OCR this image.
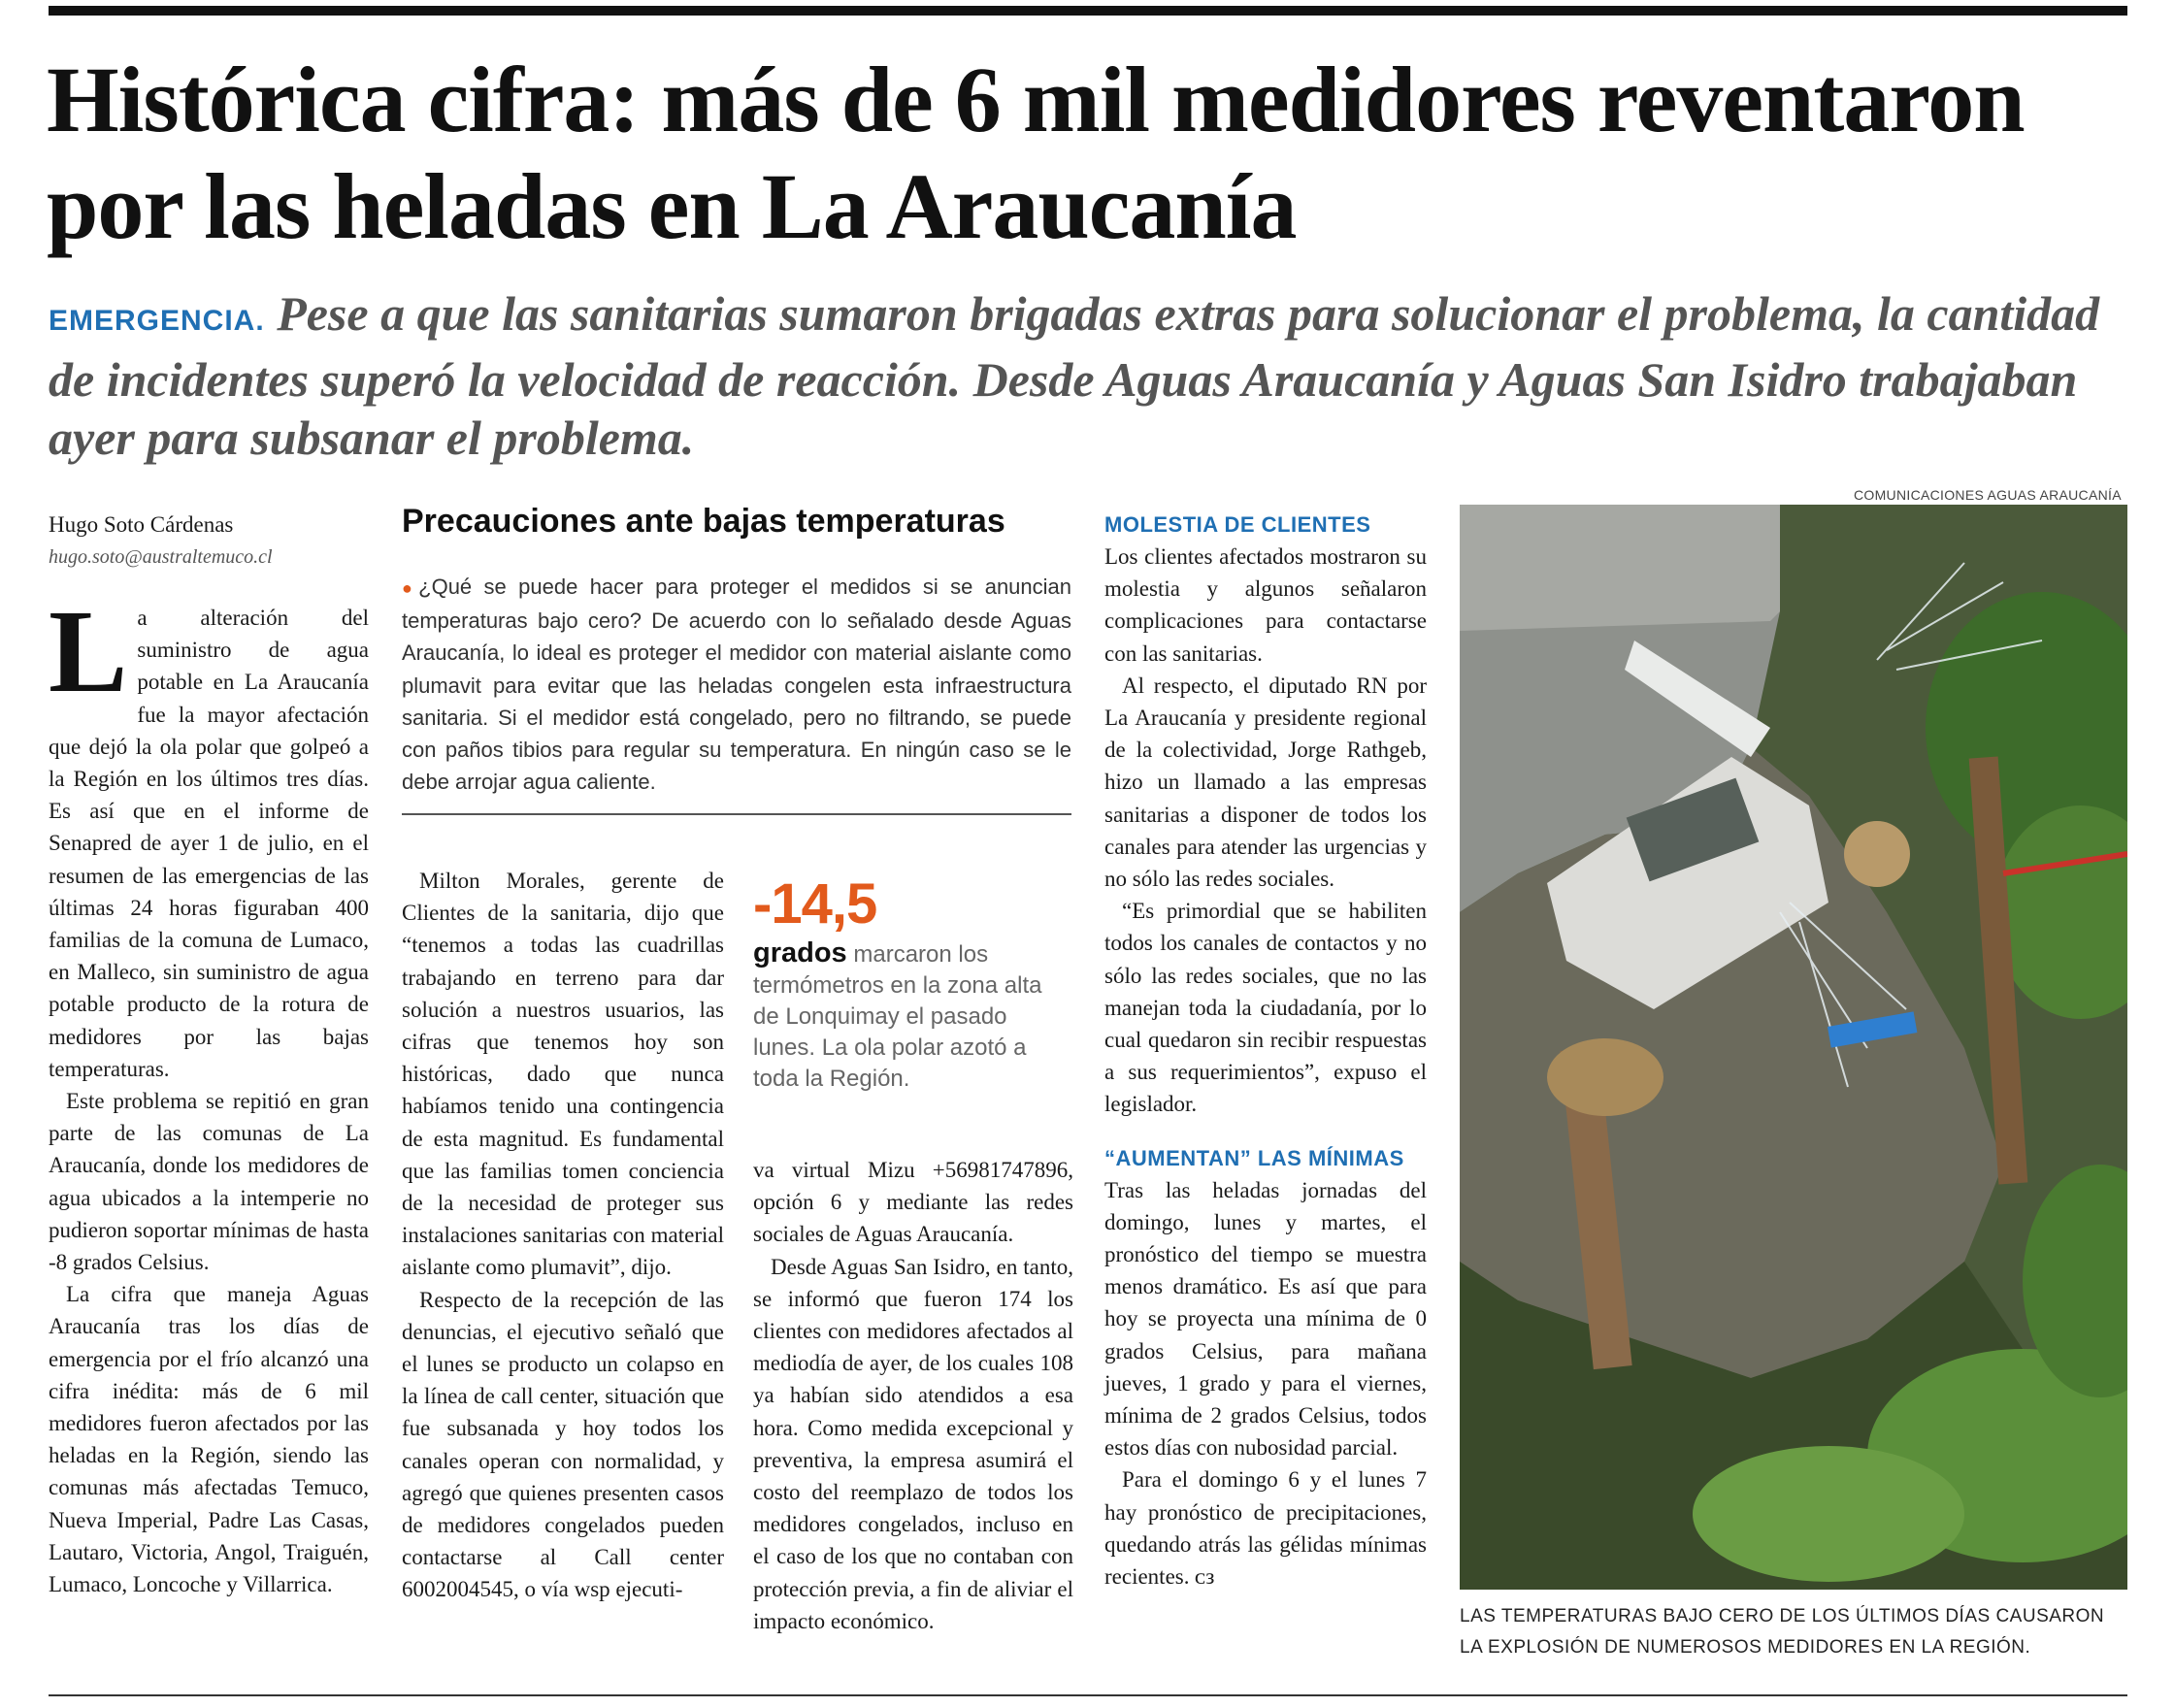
Histórica cifra: más de 6 mil medidores reventaron por las heladas en La Araucanía
EMERGENCIA. Pese a que las sanitarias sumaron brigadas extras para solucionar el problema, la cantidad de incidentes superó la velocidad de reacción. Desde Aguas Araucanía y Aguas San Isidro trabajaban ayer para subsanar el problema.
Hugo Soto Cárdenas
hugo.soto@australtemuco.cl

La alteración del suministro de agua potable en La Araucanía fue la mayor afectación que dejó la ola polar que golpeó a la Región en los últimos tres días. Es así que en el informe de Senapred de ayer 1 de julio, en el resumen de las emergencias de las últimas 24 horas figuraban 400 familias de la comuna de Lumaco, en Malleco, sin suministro de agua potable producto de la rotura de medidores por las bajas temperaturas.

Este problema se repitió en gran parte de las comunas de La Araucanía, donde los medidores de agua ubicados a la intemperie no pudieron soportar mínimas de hasta -8 grados Celsius.

La cifra que maneja Aguas Araucanía tras los días de emergencia por el frío alcanzó una cifra inédita: más de 6 mil medidores fueron afectados por las heladas en la Región, siendo las comunas más afectadas Temuco, Nueva Imperial, Padre Las Casas, Lautaro, Victoria, Angol, Traiguén, Lumaco, Loncoche y Villarrica.

Precauciones ante bajas temperaturas
●¿Qué se puede hacer para proteger el medidos si se anuncian temperaturas bajo cero? De acuerdo con lo señalado desde Aguas Araucanía, lo ideal es proteger el medidor con material aislante como plumavit para evitar que las heladas congelen esta infraestructura sanitaria. Si el medidor está congelado, pero no filtrando, se puede con paños tibios para regular su temperatura. En ningún caso se le debe arrojar agua caliente.

Milton Morales, gerente de Clientes de la sanitaria, dijo que “tenemos a todas las cuadrillas trabajando en terreno para dar solución a nuestros usuarios, las cifras que tenemos hoy son históricas, dado que nunca habíamos tenido una contingencia de esta magnitud. Es fundamental que las familias tomen conciencia de la necesidad de proteger sus instalaciones sanitarias con material aislante como plumavit”, dijo.

Respecto de la recepción de las denuncias, el ejecutivo señaló que el lunes se producto un colapso en la línea de call center, situación que fue subsanada y hoy todos los canales operan con normalidad, y agregó que quienes presenten casos de medidores congelados pueden contactarse al Call center 6002004545, o vía wsp ejecuti-

-14,5
grados marcaron los termómetros en la zona alta de Lonquimay el pasado lunes. La ola polar azotó a toda la Región.

va virtual Mizu +56981747896, opción 6 y mediante las redes sociales de Aguas Araucanía.

Desde Aguas San Isidro, en tanto, se informó que fueron 174 los clientes con medidores afectados al mediodía de ayer, de los cuales 108 ya habían sido atendidos a esa hora. Como medida excepcional y preventiva, la empresa asumirá el costo del reemplazo de todos los medidores congelados, incluso en el caso de los que no contaban con protección previa, a fin de aliviar el impacto económico.

MOLESTIA DE CLIENTES

Los clientes afectados mostraron su molestia y algunos señalaron complicaciones para contactarse con las sanitarias.

Al respecto, el diputado RN por La Araucanía y presidente regional de la colectividad, Jorge Rathgeb, hizo un llamado a las empresas sanitarias a disponer de todos los canales para atender las urgencias y no sólo las redes sociales.

“Es primordial que se habiliten todos los canales de contactos y no sólo las redes sociales, que no las manejan toda la ciudadanía, por lo cual quedaron sin recibir respuestas a sus requerimientos”, expuso el legislador.

“AUMENTAN” LAS MÍNIMAS

Tras las heladas jornadas del domingo, lunes y martes, el pronóstico del tiempo se muestra menos dramático. Es así que para hoy se proyecta una mínima de 0 grados Celsius, para mañana jueves, 1 grado y para el viernes, mínima de 2 grados Celsius, todos estos días con nubosidad parcial.

Para el domingo 6 y el lunes 7 hay pronóstico de precipitaciones, quedando atrás las gélidas mínimas recientes. ᴄᴈ

COMUNICACIONES AGUAS ARAUCANÍA
LAS TEMPERATURAS BAJO CERO DE LOS ÚLTIMOS DÍAS CAUSARON LA EXPLOSIÓN DE NUMEROSOS MEDIDORES EN LA REGIÓN.
